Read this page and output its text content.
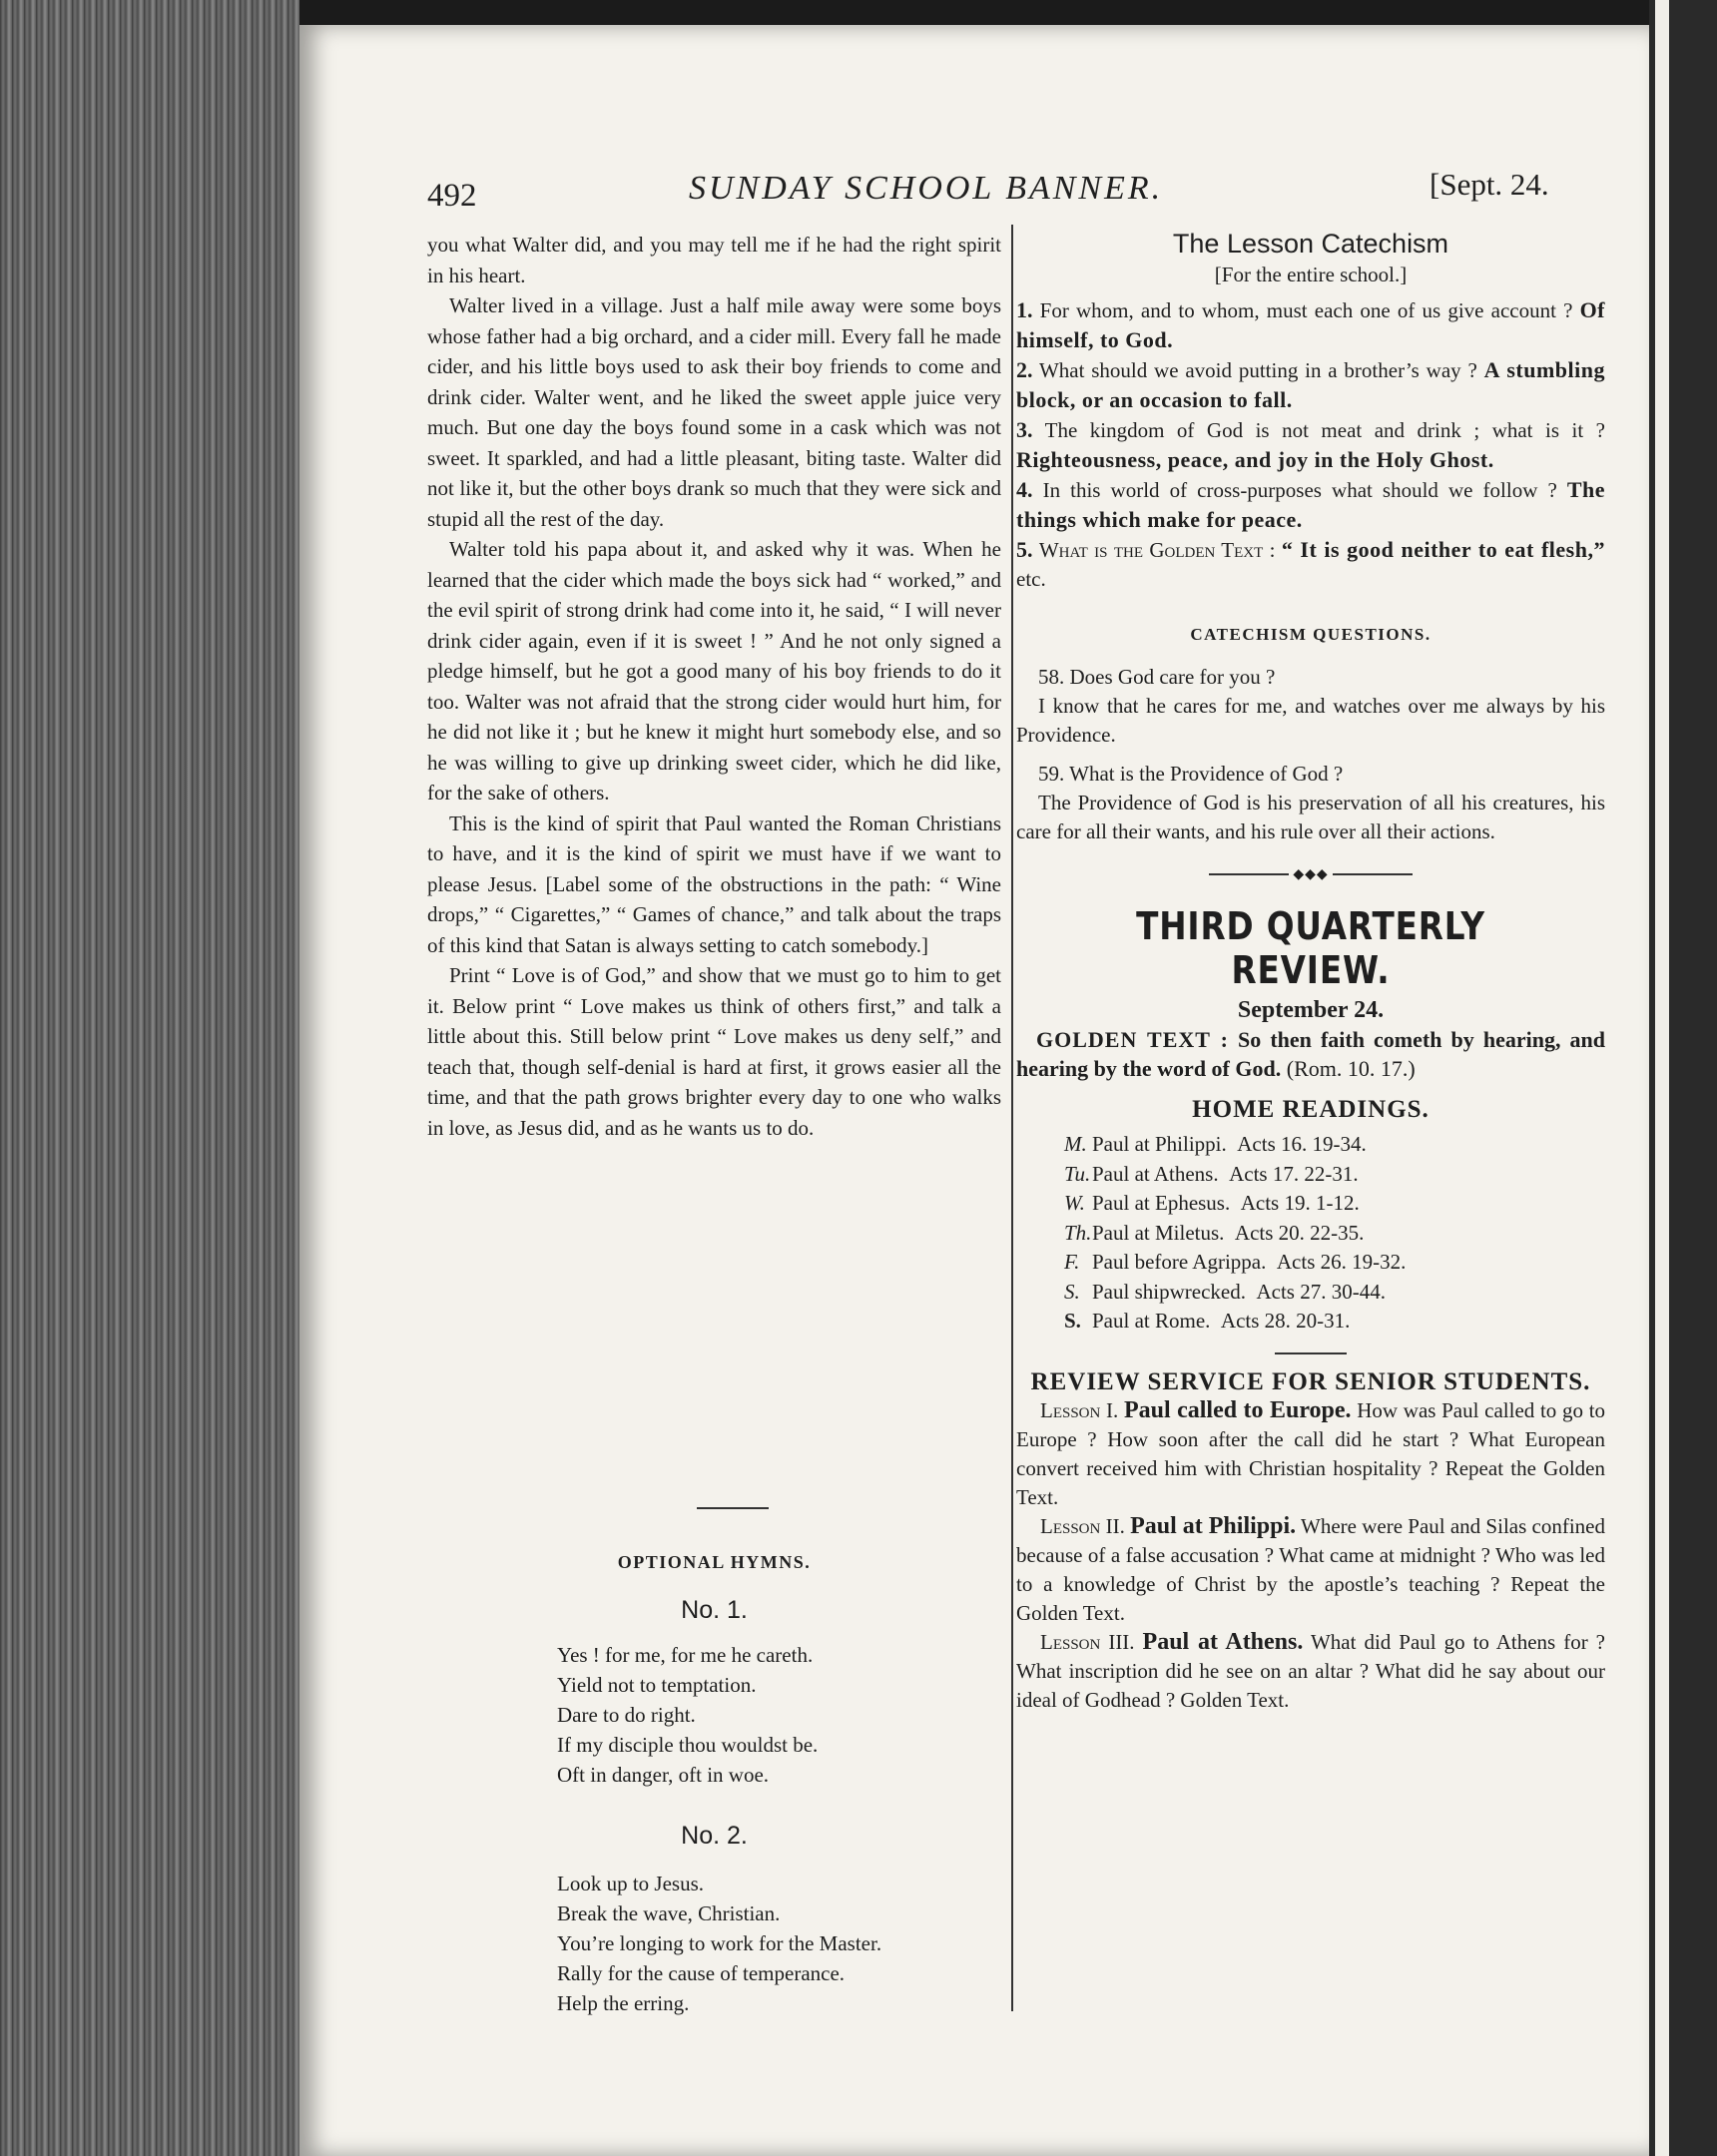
492	SUNDAY SCHOOL BANNER.	[Sept. 24.

you what Walter did, and you may tell me if he had the right spirit in his heart.

Walter lived in a village. Just a half mile away were some boys whose father had a big orchard, and a cider mill. Every fall he made cider, and his little boys used to ask their boy friends to come and drink cider. Walter went, and he liked the sweet apple juice very much. But one day the boys found some in a cask which was not sweet. It sparkled, and had a little pleasant, biting taste. Walter did not like it, but the other boys drank so much that they were sick and stupid all the rest of the day.

Walter told his papa about it, and asked why it was. When he learned that the cider which made the boys sick had “ worked,” and the evil spirit of strong drink had come into it, he said, “ I will never drink cider again, even if it is sweet ! ” And he not only signed a pledge himself, but he got a good many of his boy friends to do it too. Walter was not afraid that the strong cider would hurt him, for he did not like it ; but he knew it might hurt somebody else, and so he was willing to give up drinking sweet cider, which he did like, for the sake of others.

This is the kind of spirit that Paul wanted the Roman Christians to have, and it is the kind of spirit we must have if we want to please Jesus. [Label some of the obstructions in the path: “ Wine drops,” “ Cigarettes,” “ Games of chance,” and talk about the traps of this kind that Satan is always setting to catch somebody.]

Print “ Love is of God,” and show that we must go to him to get it. Below print “ Love makes us think of others first,” and talk a little about this. Still below print “ Love makes us deny self,” and teach that, though self-denial is hard at first, it grows easier all the time, and that the path grows brighter every day to one who walks in love, as Jesus did, and as he wants us to do.

OPTIONAL HYMNS.
No. 1.
Yes ! for me, for me he careth.
Yield not to temptation.
Dare to do right.
If my disciple thou wouldst be.
Oft in danger, oft in woe.
No. 2.
Look up to Jesus.
Break the wave, Christian.
You’re longing to work for the Master.
Rally for the cause of temperance.
Help the erring.
The Lesson Catechism
[For the entire school.]

1. For whom, and to whom, must each one of us give account ? Of himself, to God.

2. What should we avoid putting in a brother’s way ? A stumbling block, or an occasion to fall.

3. The kingdom of God is not meat and drink ; what is it ? Righteousness, peace, and joy in the Holy Ghost.

4. In this world of cross-purposes what should we follow ? The things which make for peace.

5. What is the Golden Text : “ It is good neither to eat flesh,” etc.

CATECHISM QUESTIONS.

58. Does God care for you ?

I know that he cares for me, and watches over me always by his Providence.

59. What is the Providence of God ?

The Providence of God is his preservation of all his creatures, his care for all their wants, and his rule over all their actions.

◆◆◆
THIRD QUARTERLY REVIEW.
September 24.

GOLDEN TEXT : So then faith cometh by hearing, and hearing by the word of God. (Rom. 10. 17.)

HOME READINGS.
M. Paul at Philippi. Acts 16. 19-34.
Tu.Paul at Athens. Acts 17. 22-31.
W. Paul at Ephesus. Acts 19. 1-12.
Th.Paul at Miletus. Acts 20. 22-35.
F. Paul before Agrippa. Acts 26. 19-32.
S. Paul shipwrecked. Acts 27. 30-44.
S. Paul at Rome. Acts 28. 20-31.
REVIEW SERVICE FOR SENIOR STUDENTS.

Lesson I. Paul called to Europe. How was Paul called to go to Europe ? How soon after the call did he start ? What European convert received him with Christian hospitality ? Repeat the Golden Text.

Lesson II. Paul at Philippi. Where were Paul and Silas confined because of a false accusation ? What came at midnight ? Who was led to a knowledge of Christ by the apostle’s teaching ? Repeat the Golden Text.

Lesson III. Paul at Athens. What did Paul go to Athens for ? What inscription did he see on an altar ? What did he say about our ideal of Godhead ? Golden Text.
